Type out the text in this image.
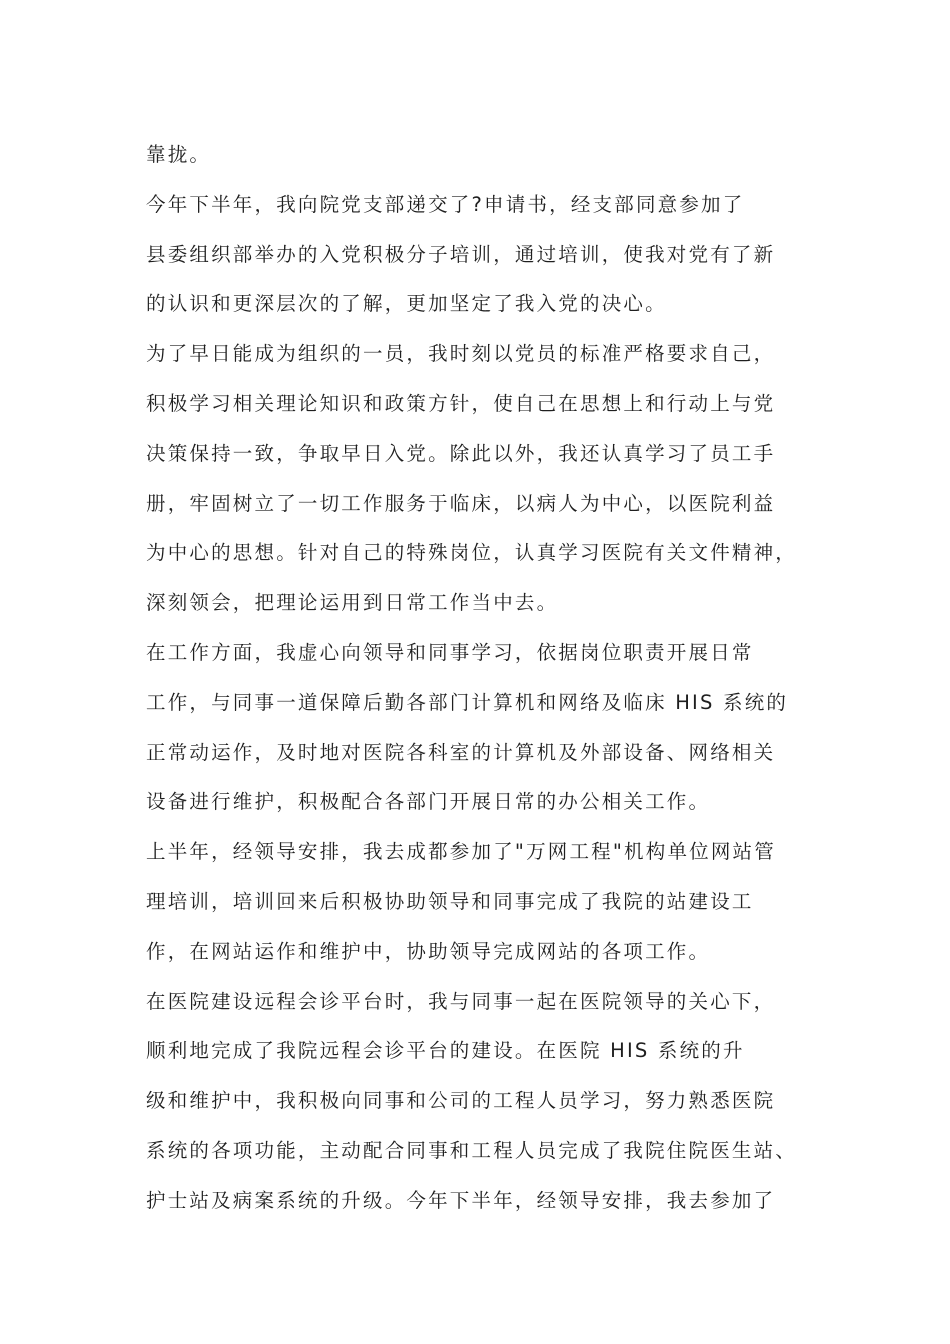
靠拢。
今年下半年，我向院党支部递交了?申请书，经支部同意参加了
县委组织部举办的入党积极分子培训，通过培训，使我对党有了新
的认识和更深层次的了解，更加坚定了我入党的决心。
为了早日能成为组织的一员，我时刻以党员的标准严格要求自己，
积极学习相关理论知识和政策方针，使自己在思想上和行动上与党
决策保持一致，争取早日入党。除此以外，我还认真学习了员工手
册，牢固树立了一切工作服务于临床，以病人为中心，以医院利益
为中心的思想。针对自己的特殊岗位，认真学习医院有关文件精神，
深刻领会，把理论运用到日常工作当中去。
在工作方面，我虚心向领导和同事学习，依据岗位职责开展日常
工作，与同事一道保障后勤各部门计算机和网络及临床 HIS 系统的
正常动运作，及时地对医院各科室的计算机及外部设备、网络相关
设备进行维护，积极配合各部门开展日常的办公相关工作。
上半年，经领导安排，我去成都参加了"万网工程"机构单位网站管
理培训，培训回来后积极协助领导和同事完成了我院的站建设工
作，在网站运作和维护中，协助领导完成网站的各项工作。
在医院建设远程会诊平台时，我与同事一起在医院领导的关心下，
顺利地完成了我院远程会诊平台的建设。在医院 HIS 系统的升
级和维护中，我积极向同事和公司的工程人员学习，努力熟悉医院
系统的各项功能，主动配合同事和工程人员完成了我院住院医生站、
护士站及病案系统的升级。今年下半年，经领导安排，我去参加了
